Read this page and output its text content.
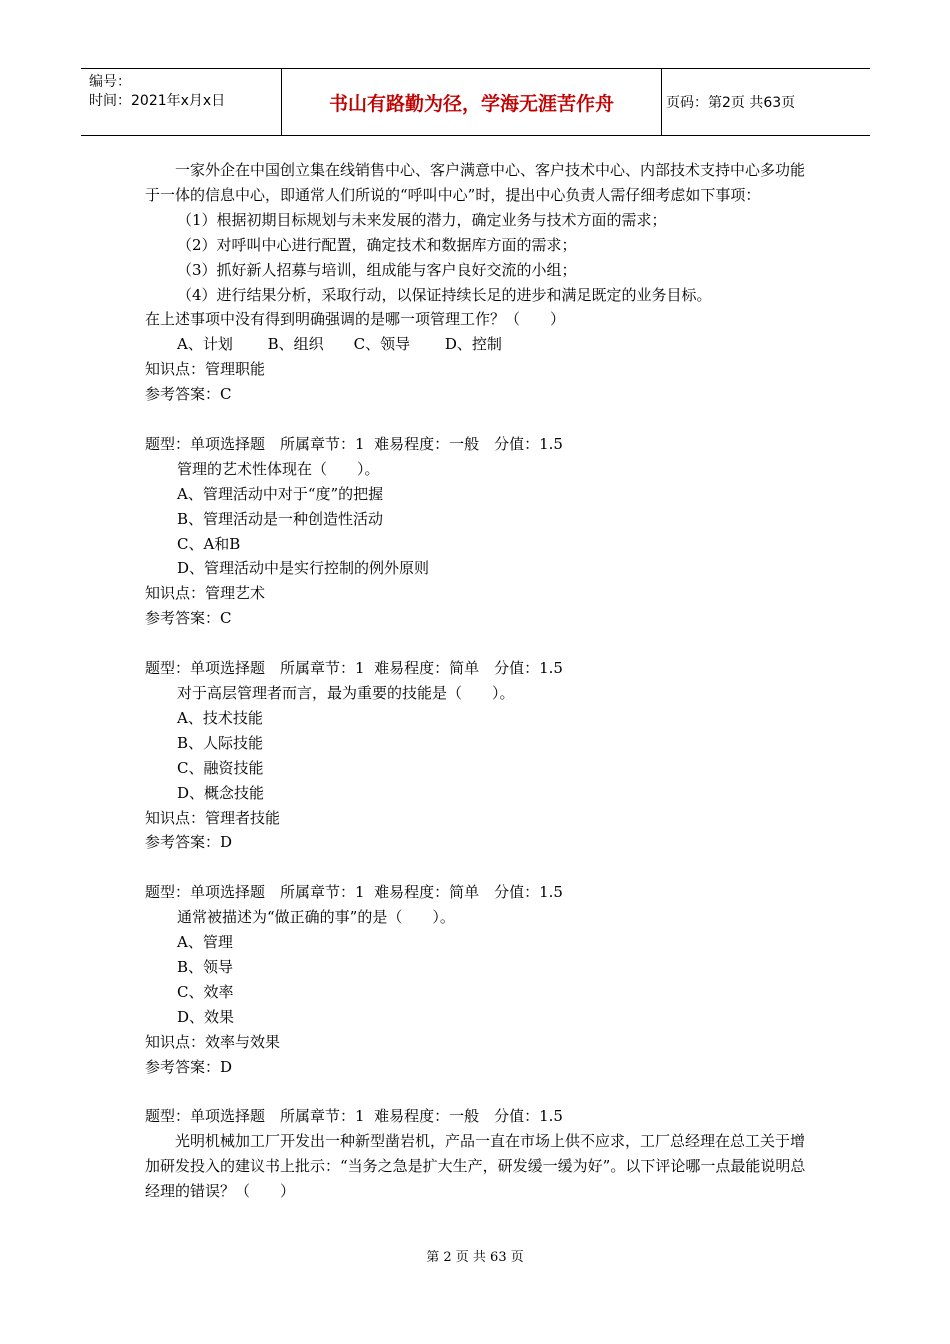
编号：
时间：2021年x月x日	书山有路勤为径，学海无涯苦作舟	页码：第2页 共63页

一家外企在中国创立集在线销售中心、客户满意中心、客户技术中心、内部技术支持中心多功能于一体的信息中心，即通常人们所说的“呼叫中心”时，提出中心负责人需仔细考虑如下事项：

（1）根据初期目标规划与未来发展的潜力，确定业务与技术方面的需求；

（2）对呼叫中心进行配置，确定技术和数据库方面的需求；

（3）抓好新人招募与培训，组成能与客户良好交流的小组；

（4）进行结果分析，采取行动，以保证持续长足的进步和满足既定的业务目标。

在上述事项中没有得到明确强调的是哪一项管理工作？（　　）

A、计划　　 B、组织　　C、领导　　 D、控制

知识点：管理职能

参考答案：C

题型：单项选择题　所属章节：1  难易程度：一般　分值：1.5

管理的艺术性体现在（　　）。

A、管理活动中对于“度”的把握

B、管理活动是一种创造性活动

C、A和B

D、管理活动中是实行控制的例外原则

知识点：管理艺术

参考答案：C

题型：单项选择题　所属章节：1  难易程度：简单　分值：1.5

对于高层管理者而言，最为重要的技能是（　　）。

A、技术技能

B、人际技能

C、融资技能

D、概念技能

知识点：管理者技能

参考答案：D

题型：单项选择题　所属章节：1  难易程度：简单　分值：1.5

通常被描述为“做正确的事”的是（　　）。

A、管理

B、领导

C、效率

D、效果

知识点：效率与效果

参考答案：D

题型：单项选择题　所属章节：1  难易程度：一般　分值：1.5

光明机械加工厂开发出一种新型凿岩机，产品一直在市场上供不应求，工厂总经理在总工关于增加研发投入的建议书上批示：“当务之急是扩大生产，研发缓一缓为好”。以下评论哪一点最能说明总经理的错误？（　　）

第 2 页 共 63 页
